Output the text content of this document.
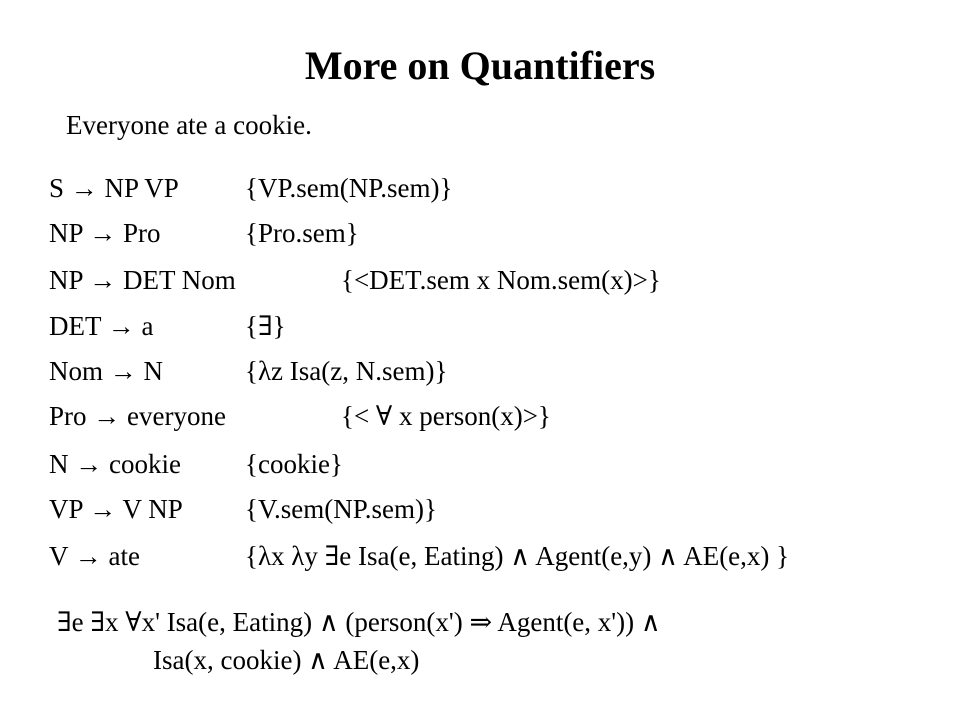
More on Quantifiers
Everyone ate a cookie.
S → NP VP {VP.sem(NP.sem)}
NP → Pro	{Pro.sem}
NP → DET Nom	{<DET.sem x Nom.sem(x)>}
DET → a	{∃}
Nom → N	{λz Isa(z, N.sem)}
Pro → everyone	{< ∀ x person(x)>}
N → cookie {cookie}
VP → V NP {V.sem(NP.sem)}
V → ate	{λx λy ∃e Isa(e, Eating) ∧ Agent(e,y) ∧ AE(e,x) }
∃e ∃x ∀x' Isa(e, Eating) ∧ (person(x') ⇒ Agent(e, x')) ∧
Isa(x, cookie) ∧ AE(e,x)
